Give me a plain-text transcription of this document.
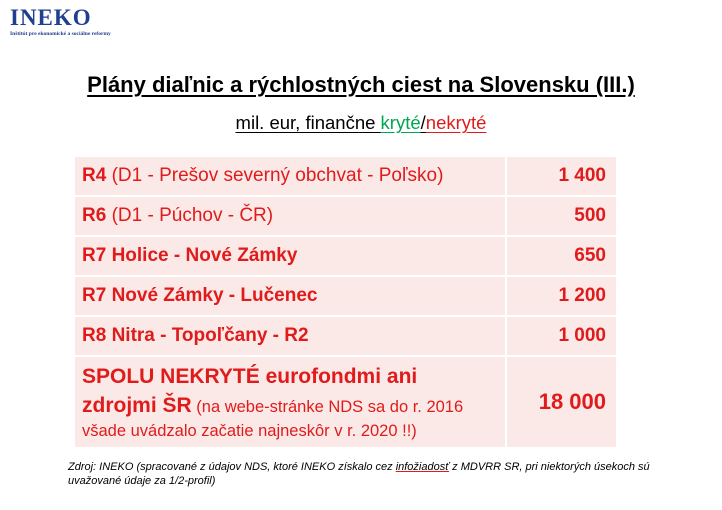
INEKO
Inštitút pre ekonomické a sociálne reformy
Plány diaľnic a rýchlostných ciest na Slovensku (III.)
mil. eur, finančne kryté/nekryté
R4 (D1 - Prešov severný obchvat - Poľsko)	1 400
R6 (D1 - Púchov - ČR)	500
R7 Holice - Nové Zámky	650
R7 Nové Zámky - Lučenec	1 200
R8 Nitra - Topoľčany - R2	1 000

SPOLU NEKRYTÉ eurofondmi ani
zdrojmi ŠR (na webe-stránke NDS sa do r. 2016
všade uvádzalo začatie najneskôr v r. 2020 !!)	18 000
Zdroj: INEKO (spracované z údajov NDS, ktoré INEKO získalo cez infožiadosť z MDVRR SR, pri niektorých úsekoch sú uvažované údaje za 1/2-profil)
